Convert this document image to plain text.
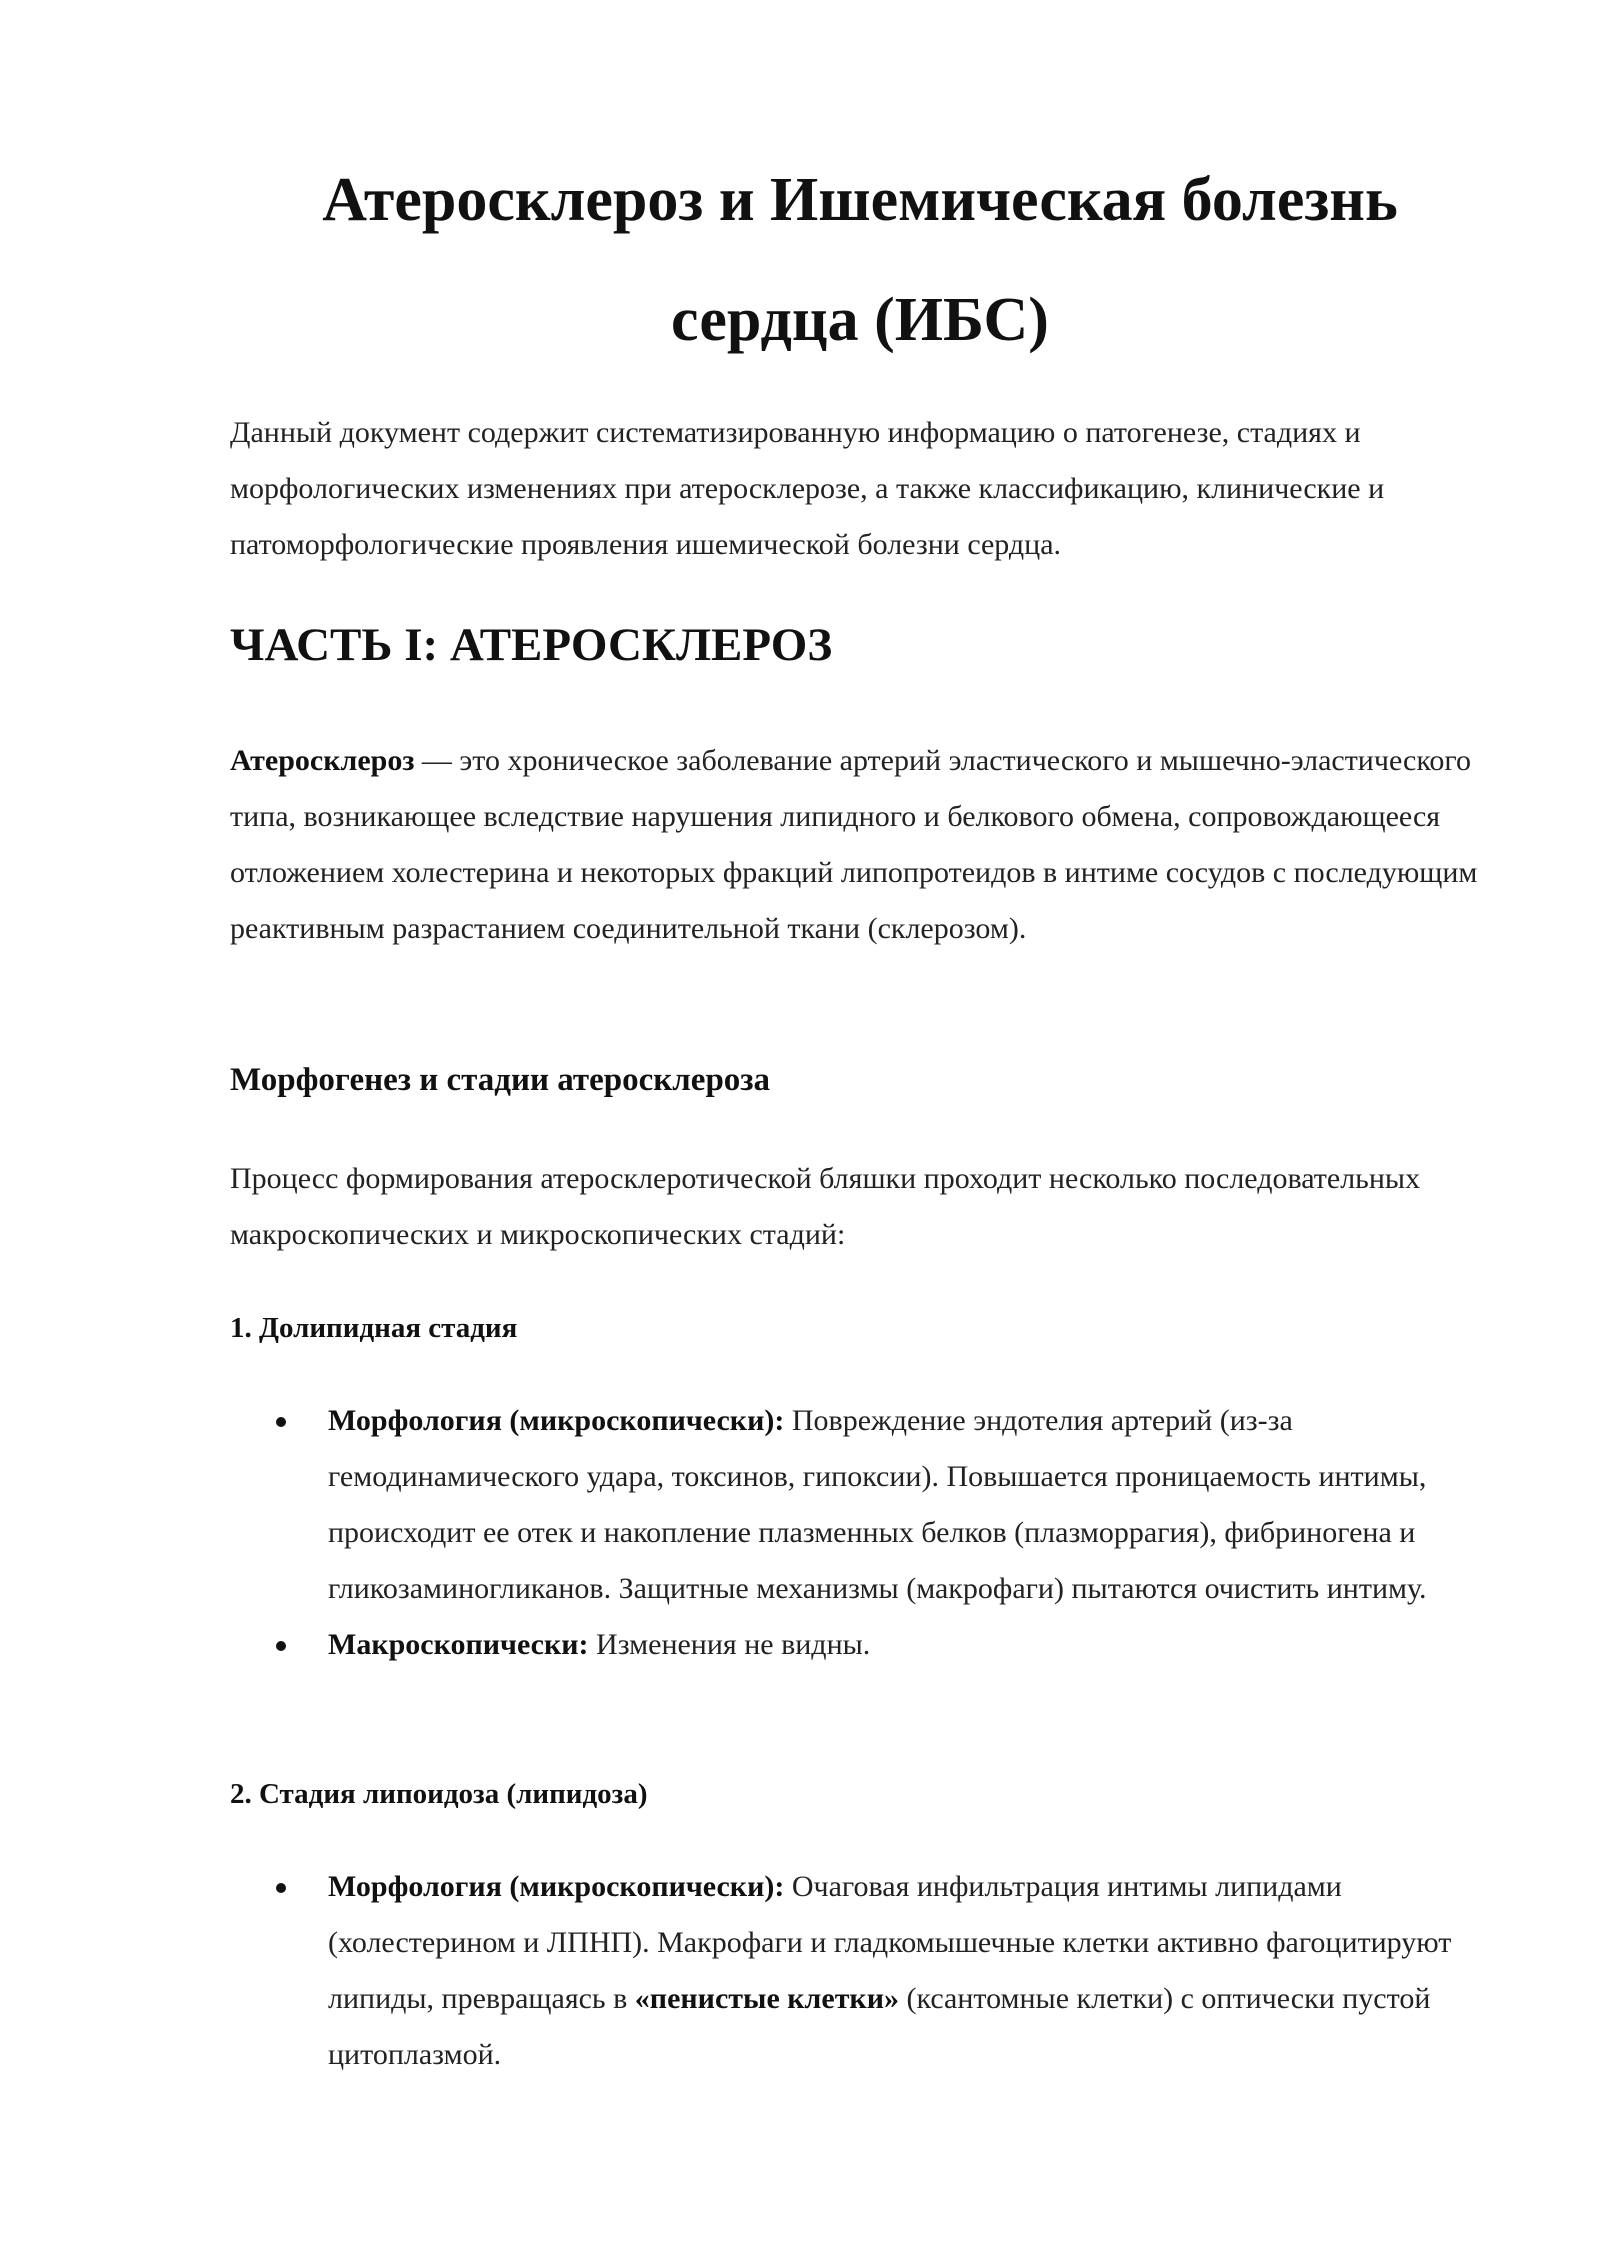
Атеросклероз и Ишемическая болезнь
сердца (ИБС)

Данный документ содержит систематизированную информацию о патогенезе, стадиях и морфологических изменениях при атеросклерозе, а также классификацию, клинические и патоморфологические проявления ишемической болезни сердца.

ЧАСТЬ I: АТЕРОСКЛЕРОЗ

Атеросклероз — это хроническое заболевание артерий эластического и мышечно-эластического типа, возникающее вследствие нарушения липидного и белкового обмена, сопровождающееся отложением холестерина и некоторых фракций липопротеидов в интиме сосудов с последующим реактивным разрастанием соединительной ткани (склерозом).

Морфогенез и стадии атеросклероза

Процесс формирования атеросклеротической бляшки проходит несколько последовательных макроскопических и микроскопических стадий:

1. Долипидная стадия
Морфология (микроскопически): Повреждение эндотелия артерий (из-за гемодинамического удара, токсинов, гипоксии). Повышается проницаемость интимы, происходит ее отек и накопление плазменных белков (плазморрагия), фибриногена и гликозаминогликанов. Защитные механизмы (макрофаги) пытаются очистить интиму.
Макроскопически: Изменения не видны.
2. Стадия липоидоза (липидоза)
Морфология (микроскопически): Очаговая инфильтрация интимы липидами (холестерином и ЛПНП). Макрофаги и гладкомышечные клетки активно фагоцитируют липиды, превращаясь в «пенистые клетки» (ксантомные клетки) с оптически пустой цитоплазмой.
